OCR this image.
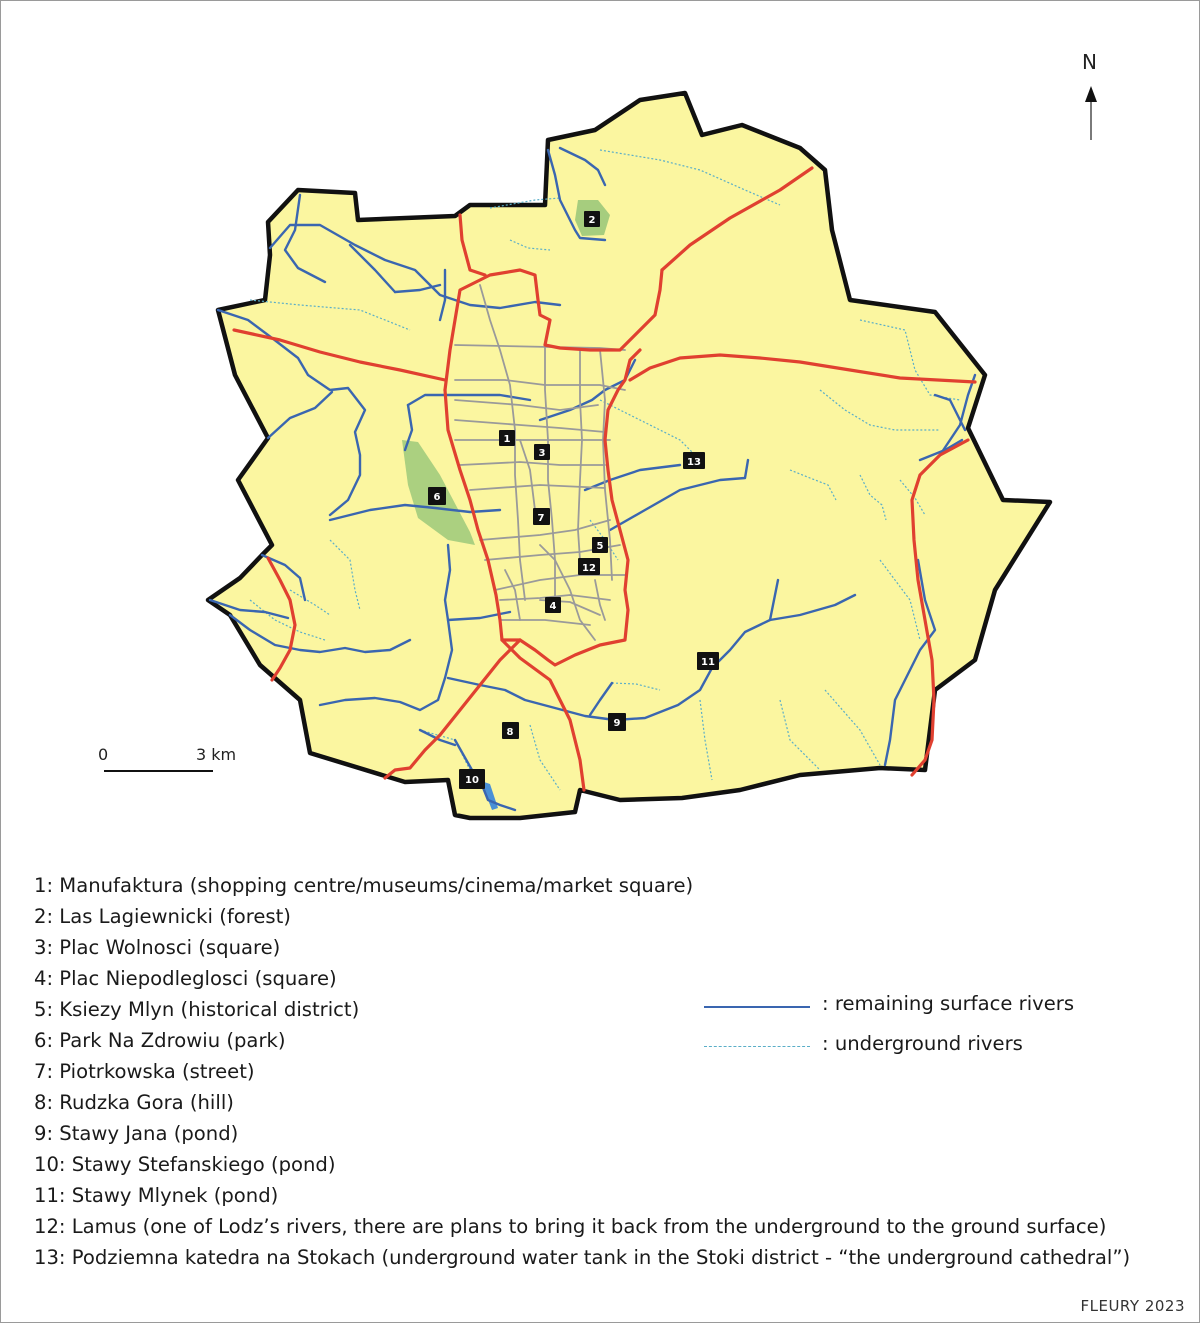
1
2
3
4
5
6
7
8
9
10
11
12
13
N
0	3 km
1: Manufaktura (shopping centre/museums/cinema/market square)
2: Las Lagiewnicki (forest)
3: Plac Wolnosci (square)
4: Plac Niepodleglosci (square)
5: Ksiezy Mlyn (historical district)
6: Park Na Zdrowiu (park)
7: Piotrkowska (street)
8: Rudzka Gora (hill)
9: Stawy Jana (pond)
10: Stawy Stefanskiego (pond)
11: Stawy Mlynek (pond)
12: Lamus (one of Lodz’s rivers, there are plans to bring it back from the underground to the ground surface)
13: Podziemna katedra na Stokach (underground water tank in the Stoki district - “the underground cathedral”)
: remaining surface rivers
: underground rivers
FLEURY 2023
